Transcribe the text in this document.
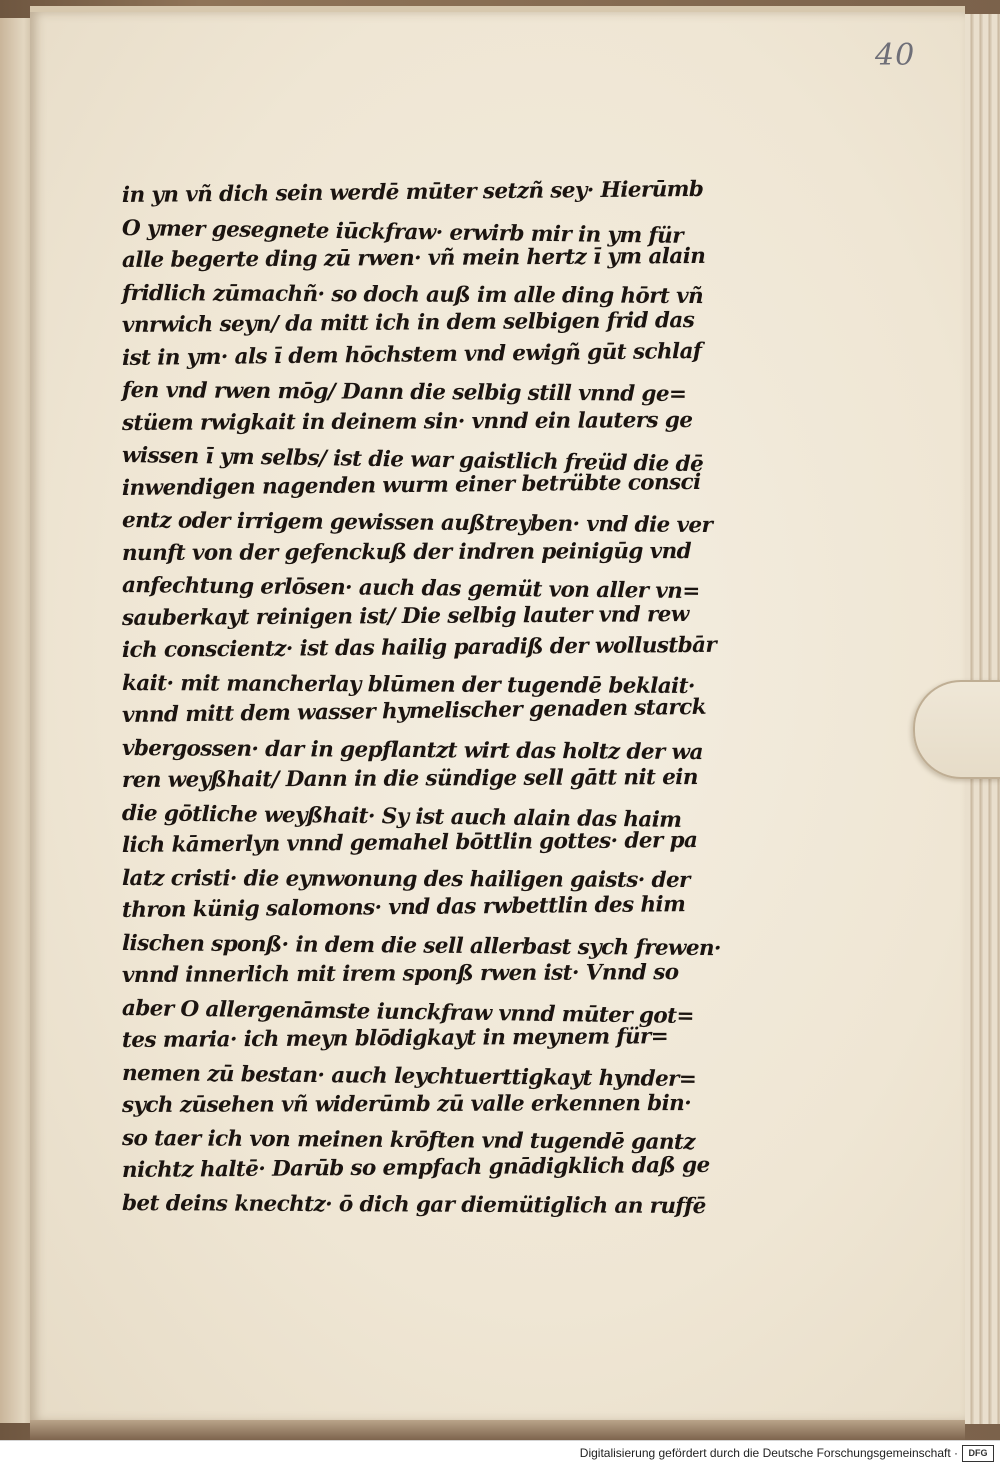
40
in yn vñ dich sein werdē mūter setzñ sey· Hierūmb
O ymer gesegnete iūckfraw· erwirb mir in ym für
alle begerte ding zū rwen· vñ mein hertz ī ym alain
fridlich zūmachñ· so doch auß im alle ding hōrt vñ
vnrwich seyn/ da mitt ich in dem selbigen frid das
ist in ym· als ī dem hōchstem vnd ewigñ gūt schlaf
fen vnd rwen mōg/ Dann die selbig still vnnd ge=
stüem rwigkait in deinem sin· vnnd ein lauters ge
wissen ī ym selbs/ ist die war gaistlich freüd die dē
inwendigen nagenden wurm einer betrübte consci
entz oder irrigem gewissen außtreyben· vnd die ver
nunft von der gefenckuß der indren peinigūg vnd
anfechtung erlōsen· auch das gemüt von aller vn=
sauberkayt reinigen ist/ Die selbig lauter vnd rew
ich conscientz· ist das hailig paradiß der wollustbār
kait· mit mancherlay blūmen der tugendē beklait·
vnnd mitt dem wasser hymelischer genaden starck
vbergossen· dar in gepflantzt wirt das holtz der wa
ren weyßhait/ Dann in die sündige sell gātt nit ein
die gōtliche weyßhait· Sy ist auch alain das haim
lich kāmerlyn vnnd gemahel bōttlin gottes· der pa
latz cristi· die eynwonung des hailigen gaists· der
thron künig salomons· vnd das rwbettlin des him
lischen sponß· in dem die sell allerbast sych frewen·
vnnd innerlich mit irem sponß rwen ist· Vnnd so
aber O allergenāmste iunckfraw vnnd mūter got=
tes maria· ich meyn blōdigkayt in meynem für=
nemen zū bestan· auch leychtuerttigkayt hynder=
sych zūsehen vñ widerūmb zū valle erkennen bin·
so taer ich von meinen krōften vnd tugendē gantz
nichtz haltē· Darūb so empfach gnādigklich daß ge
bet deins knechtz· ō dich gar diemütiglich an ruffē
Digitalisierung gefördert durch die Deutsche Forschungsgemeinschaft ·	DFG
